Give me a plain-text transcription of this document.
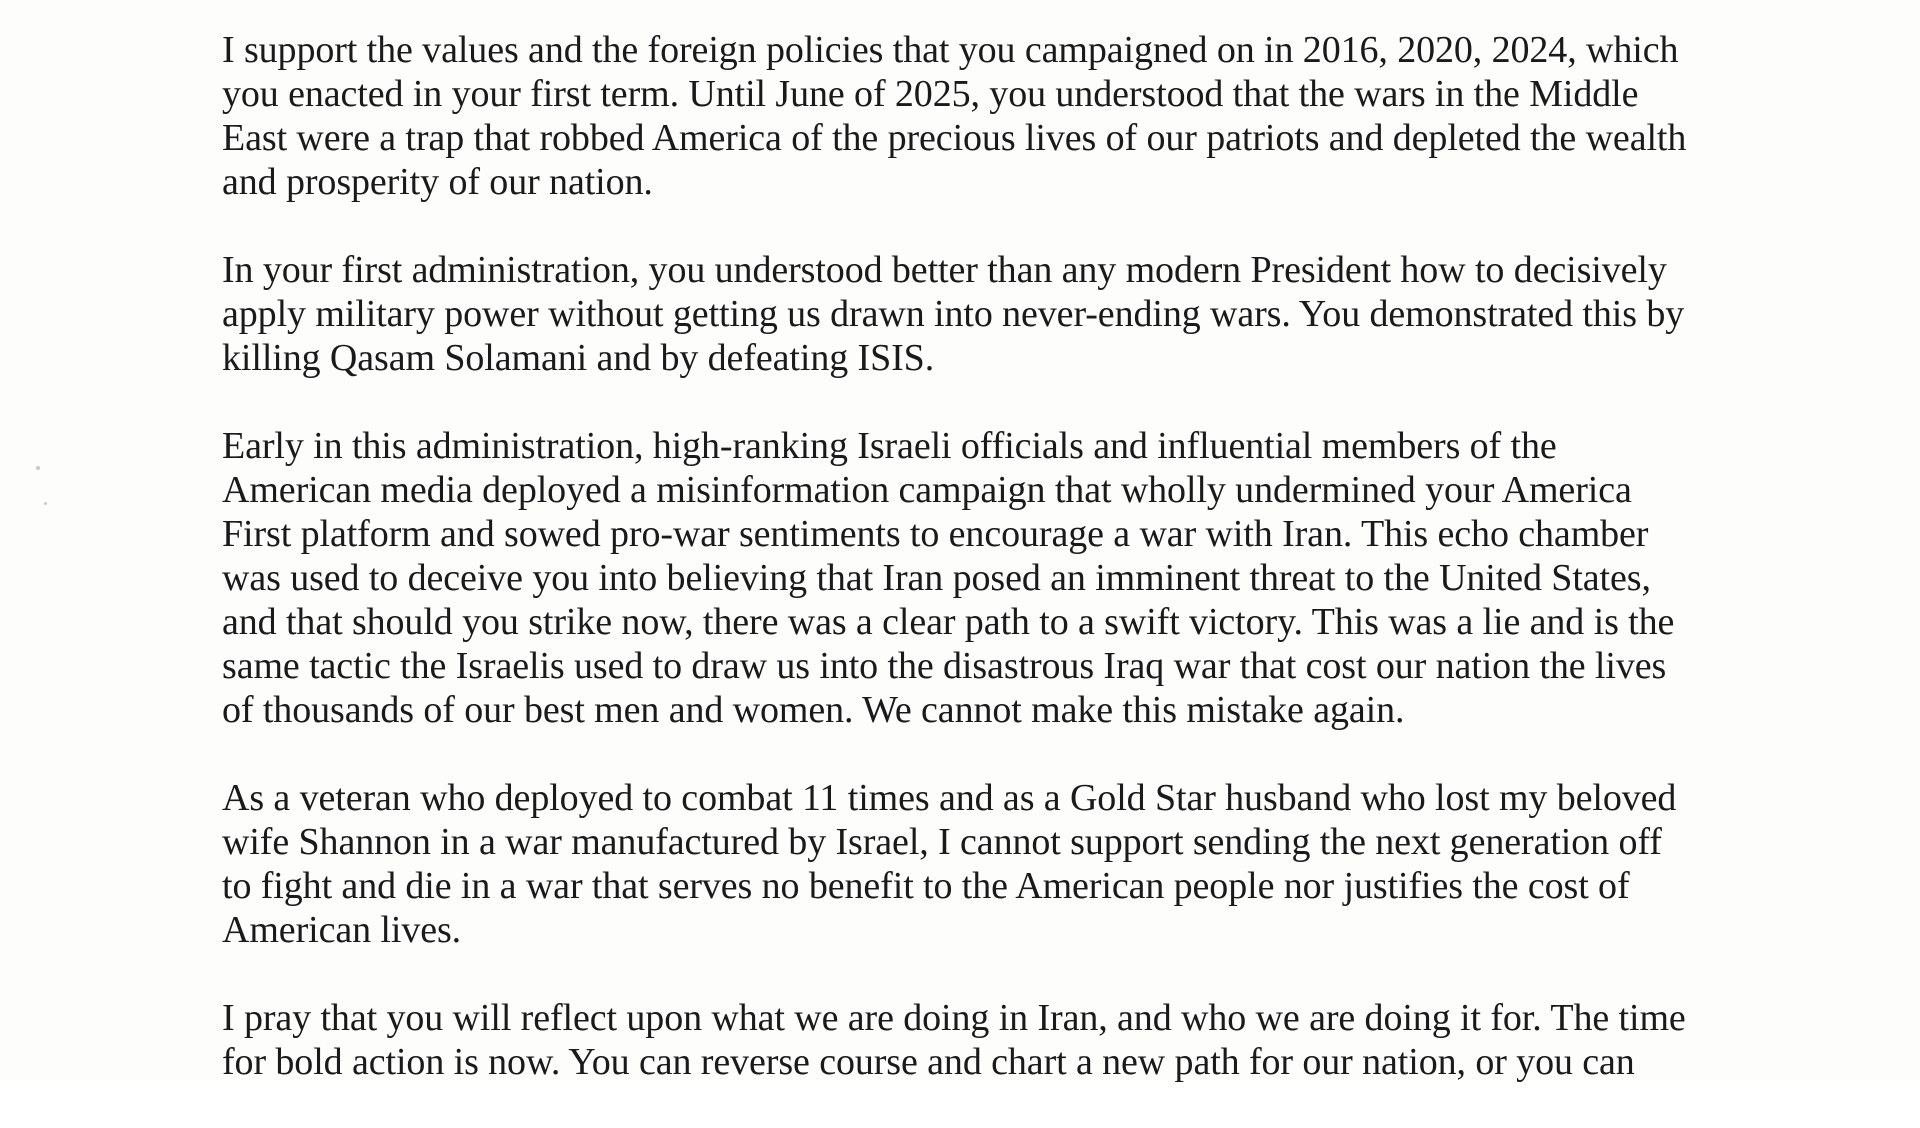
I support the values and the foreign policies that you campaigned on in 2016, 2020, 2024, which
you enacted in your first term. Until June of 2025, you understood that the wars in the Middle
East were a trap that robbed America of the precious lives of our patriots and depleted the wealth
and prosperity of our nation.

In your first administration, you understood better than any modern President how to decisively
apply military power without getting us drawn into never-ending wars. You demonstrated this by
killing Qasam Solamani and by defeating ISIS.

Early in this administration, high-ranking Israeli officials and influential members of the
American media deployed a misinformation campaign that wholly undermined your America
First platform and sowed pro-war sentiments to encourage a war with Iran. This echo chamber
was used to deceive you into believing that Iran posed an imminent threat to the United States,
and that should you strike now, there was a clear path to a swift victory. This was a lie and is the
same tactic the Israelis used to draw us into the disastrous Iraq war that cost our nation the lives
of thousands of our best men and women. We cannot make this mistake again.

As a veteran who deployed to combat 11 times and as a Gold Star husband who lost my beloved
wife Shannon in a war manufactured by Israel, I cannot support sending the next generation off
to fight and die in a war that serves no benefit to the American people nor justifies the cost of
American lives.

I pray that you will reflect upon what we are doing in Iran, and who we are doing it for. The time
for bold action is now. You can reverse course and chart a new path for our nation, or you can
